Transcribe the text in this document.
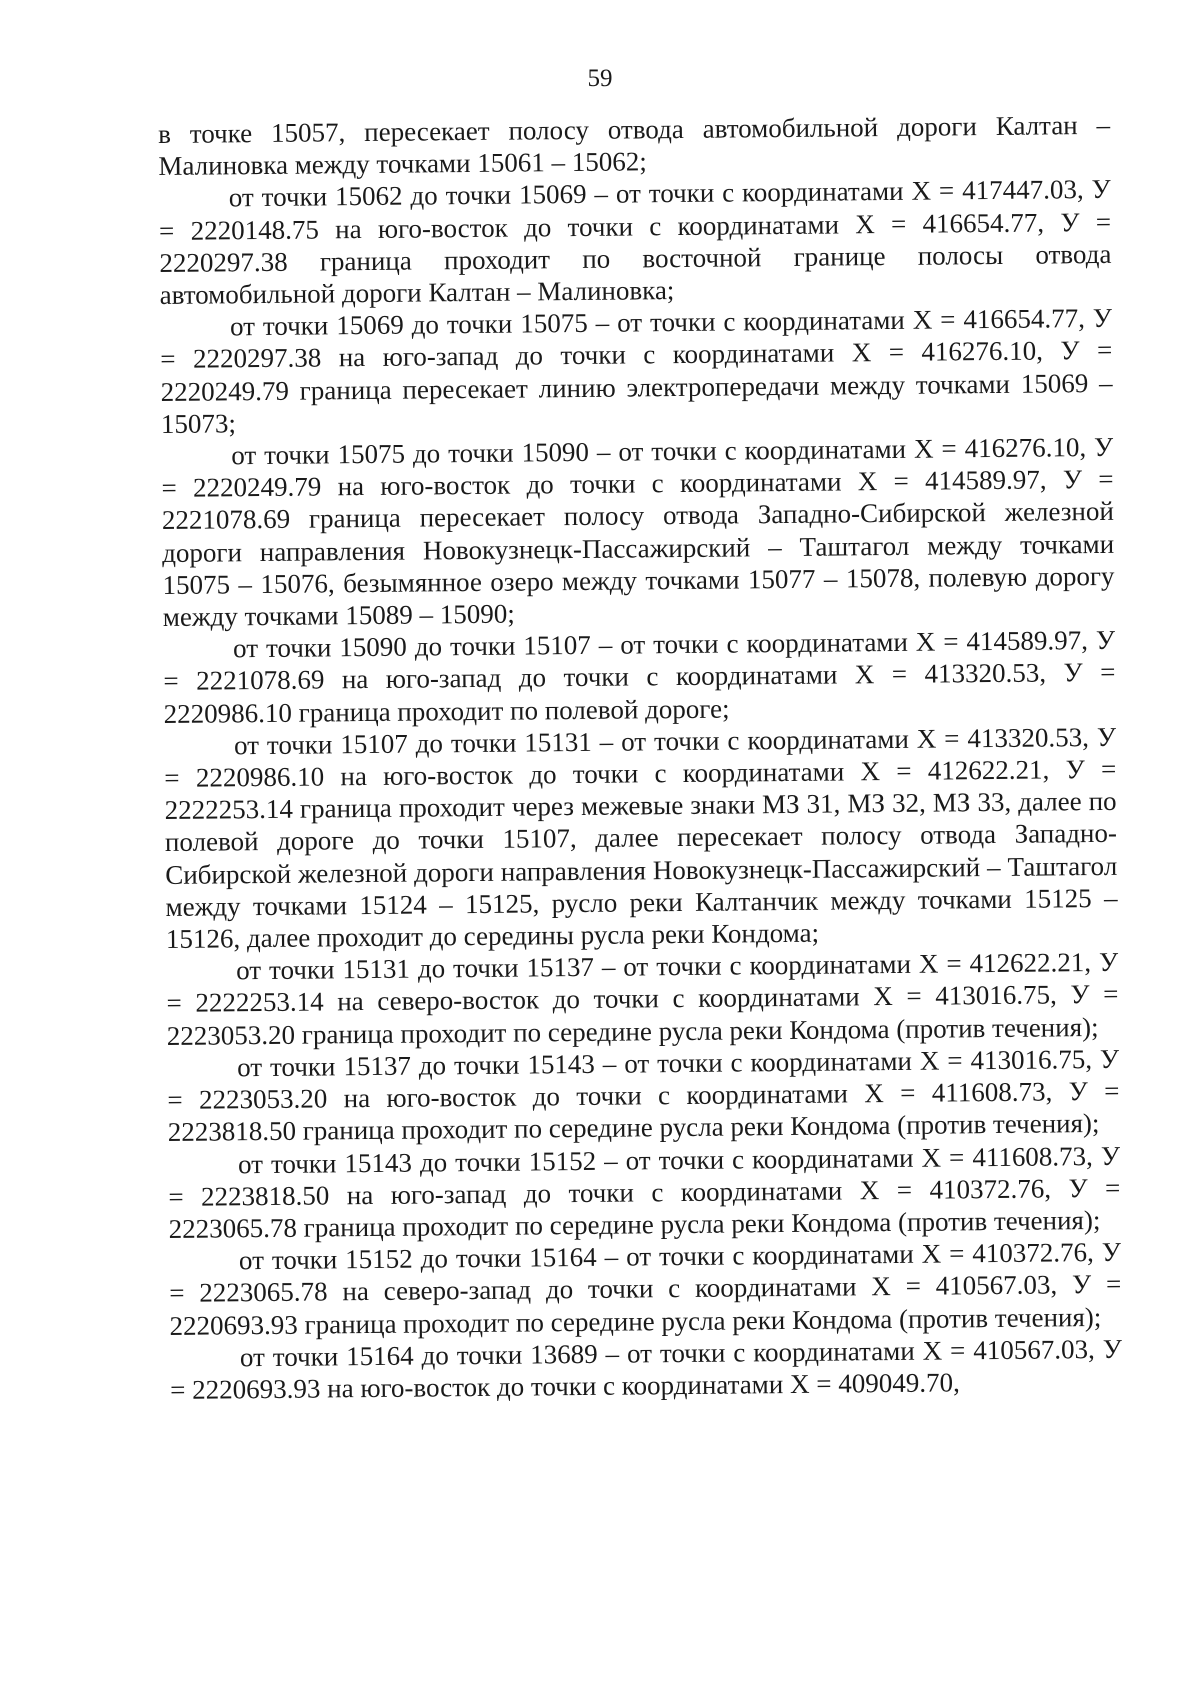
59

в точке 15057, пересекает полосу отвода автомобильной дороги Калтан – Малиновка между точками 15061 – 15062;

от точки 15062 до точки 15069 – от точки с координатами Х = 417447.03, У = 2220148.75 на юго-восток до точки с координатами Х = 416654.77, У = 2220297.38 граница проходит по восточной границе полосы отвода автомобильной дороги Калтан – Малиновка;

от точки 15069 до точки 15075 – от точки с координатами Х = 416654.77, У = 2220297.38 на юго-запад до точки с координатами Х = 416276.10, У = 2220249.79 граница пересекает линию электропередачи между точками 15069 – 15073;

от точки 15075 до точки 15090 – от точки с координатами Х = 416276.10, У = 2220249.79 на юго-восток до точки с координатами Х = 414589.97, У = 2221078.69 граница пересекает полосу отвода Западно-Сибирской железной дороги направления Новокузнецк-Пассажирский – Таштагол между точками 15075 – 15076, безымянное озеро между точками 15077 – 15078, полевую дорогу между точками 15089 – 15090;

от точки 15090 до точки 15107 – от точки с координатами Х = 414589.97, У = 2221078.69 на юго-запад до точки с координатами Х = 413320.53, У = 2220986.10 граница проходит по полевой дороге;

от точки 15107 до точки 15131 – от точки с координатами Х = 413320.53, У = 2220986.10 на юго-восток до точки с координатами Х = 412622.21, У = 2222253.14 граница проходит через межевые знаки МЗ 31, МЗ 32, МЗ 33, далее по полевой дороге до точки 15107, далее пересекает полосу отвода Западно-Сибирской железной дороги направления Новокузнецк-Пассажирский – Таштагол между точками 15124 – 15125, русло реки Калтанчик между точками 15125 – 15126, далее проходит до середины русла реки Кондома;

от точки 15131 до точки 15137 – от точки с координатами Х = 412622.21, У = 2222253.14 на северо-восток до точки с координатами Х = 413016.75, У = 2223053.20 граница проходит по середине русла реки Кондома (против течения);

от точки 15137 до точки 15143 – от точки с координатами Х = 413016.75, У = 2223053.20 на юго-восток до точки с координатами Х = 411608.73, У = 2223818.50 граница проходит по середине русла реки Кондома (против течения);

от точки 15143 до точки 15152 – от точки с координатами Х = 411608.73, У = 2223818.50 на юго-запад до точки с координатами Х = 410372.76, У = 2223065.78 граница проходит по середине русла реки Кондома (против течения);

от точки 15152 до точки 15164 – от точки с координатами Х = 410372.76, У = 2223065.78 на северо-запад до точки с координатами Х = 410567.03, У = 2220693.93 граница проходит по середине русла реки Кондома (против течения);

от точки 15164 до точки 13689 – от точки с координатами Х = 410567.03, У = 2220693.93 на юго-восток до точки с координатами Х = 409049.70,
